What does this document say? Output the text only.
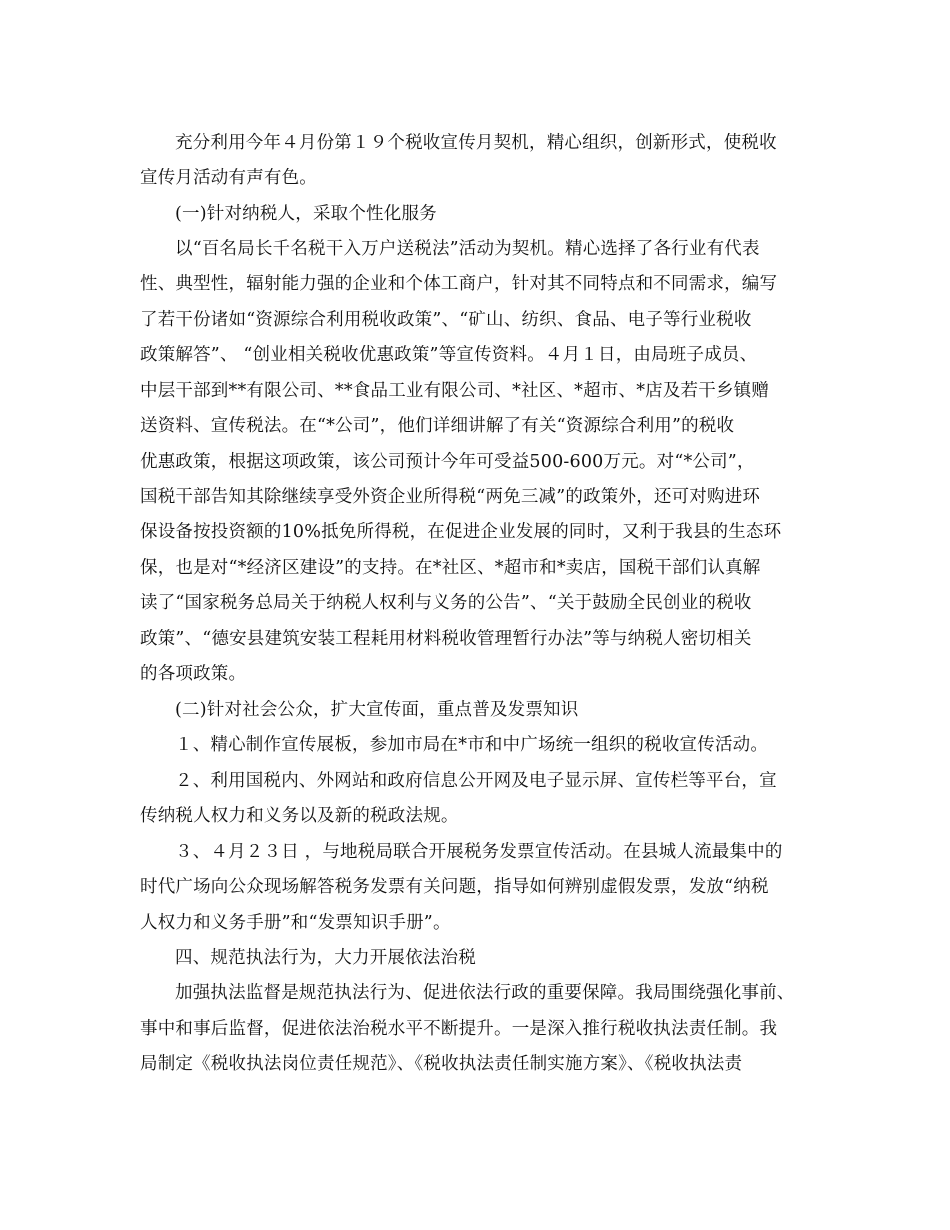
充分利用今年４月份第１９个税收宣传月契机，精心组织，创新形式，使税收
宣传月活动有声有色。
(一)针对纳税人，采取个性化服务
以“百名局长千名税干入万户送税法”活动为契机。精心选择了各行业有代表
性、典型性，辐射能力强的企业和个体工商户，针对其不同特点和不同需求，编写
了若干份诸如“资源综合利用税收政策”、“矿山、纺织、食品、电子等行业税收
政策解答”、 “创业相关税收优惠政策”等宣传资料。４月１日，由局班子成员、
中层干部到**有限公司、**食品工业有限公司、*社区、*超市、*店及若干乡镇赠
送资料、宣传税法。在“*公司”，他们详细讲解了有关“资源综合利用”的税收
优惠政策，根据这项政策，该公司预计今年可受益500-600万元。对“*公司”，
国税干部告知其除继续享受外资企业所得税“两免三减”的政策外，还可对购进环
保设备按投资额的10%抵免所得税，在促进企业发展的同时，又利于我县的生态环
保，也是对“*经济区建设”的支持。在*社区、*超市和*卖店，国税干部们认真解
读了“国家税务总局关于纳税人权利与义务的公告”、“关于鼓励全民创业的税收
政策”、“德安县建筑安装工程耗用材料税收管理暂行办法”等与纳税人密切相关
的各项政策。
(二)针对社会公众，扩大宣传面，重点普及发票知识
１、精心制作宣传展板，参加市局在*市和中广场统一组织的税收宣传活动。
２、利用国税内、外网站和政府信息公开网及电子显示屏、宣传栏等平台，宣
传纳税人权力和义务以及新的税政法规。
３、４月２３日 ，与地税局联合开展税务发票宣传活动。在县城人流最集中的
时代广场向公众现场解答税务发票有关问题，指导如何辨别虚假发票，发放“纳税
人权力和义务手册”和“发票知识手册”。
四、规范执法行为，大力开展依法治税
加强执法监督是规范执法行为、促进依法行政的重要保障。我局围绕强化事前、
事中和事后监督，促进依法治税水平不断提升。一是深入推行税收执法责任制。我
局制定《税收执法岗位责任规范》、《税收执法责任制实施方案》、《税收执法责
